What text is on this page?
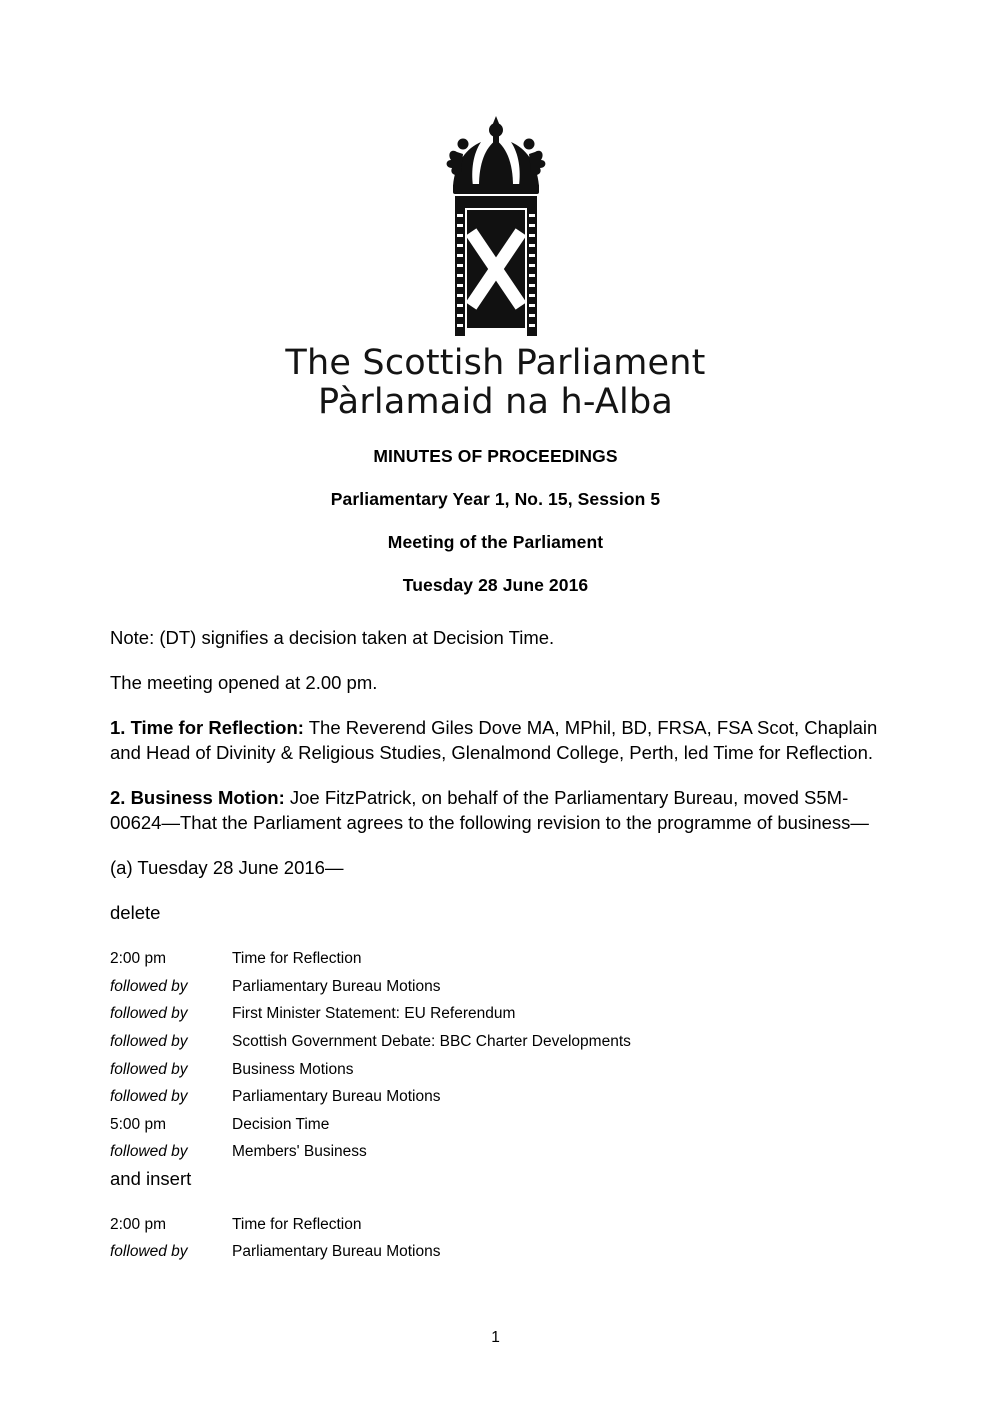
The Scottish Parliament
Pàrlamaid na h-Alba
MINUTES OF PROCEEDINGS
Parliamentary Year 1, No. 15, Session 5
Meeting of the Parliament
Tuesday 28 June 2016

Note: (DT) signifies a decision taken at Decision Time.

The meeting opened at 2.00 pm.

1. Time for Reflection: The Reverend Giles Dove MA, MPhil, BD, FRSA, FSA Scot, Chaplain and Head of Divinity & Religious Studies, Glenalmond College, Perth, led Time for Reflection.

2. Business Motion: Joe FitzPatrick, on behalf of the Parliamentary Bureau, moved S5M-00624—That the Parliament agrees to the following revision to the programme of business—

(a) Tuesday 28 June 2016—

delete

2:00 pm	Time for Reflection
followed by	Parliamentary Bureau Motions
followed by	First Minister Statement: EU Referendum
followed by	Scottish Government Debate: BBC Charter Developments
followed by	Business Motions
followed by	Parliamentary Bureau Motions
5:00 pm	Decision Time
followed by	Members' Business

and insert

2:00 pm	Time for Reflection
followed by	Parliamentary Bureau Motions
1
